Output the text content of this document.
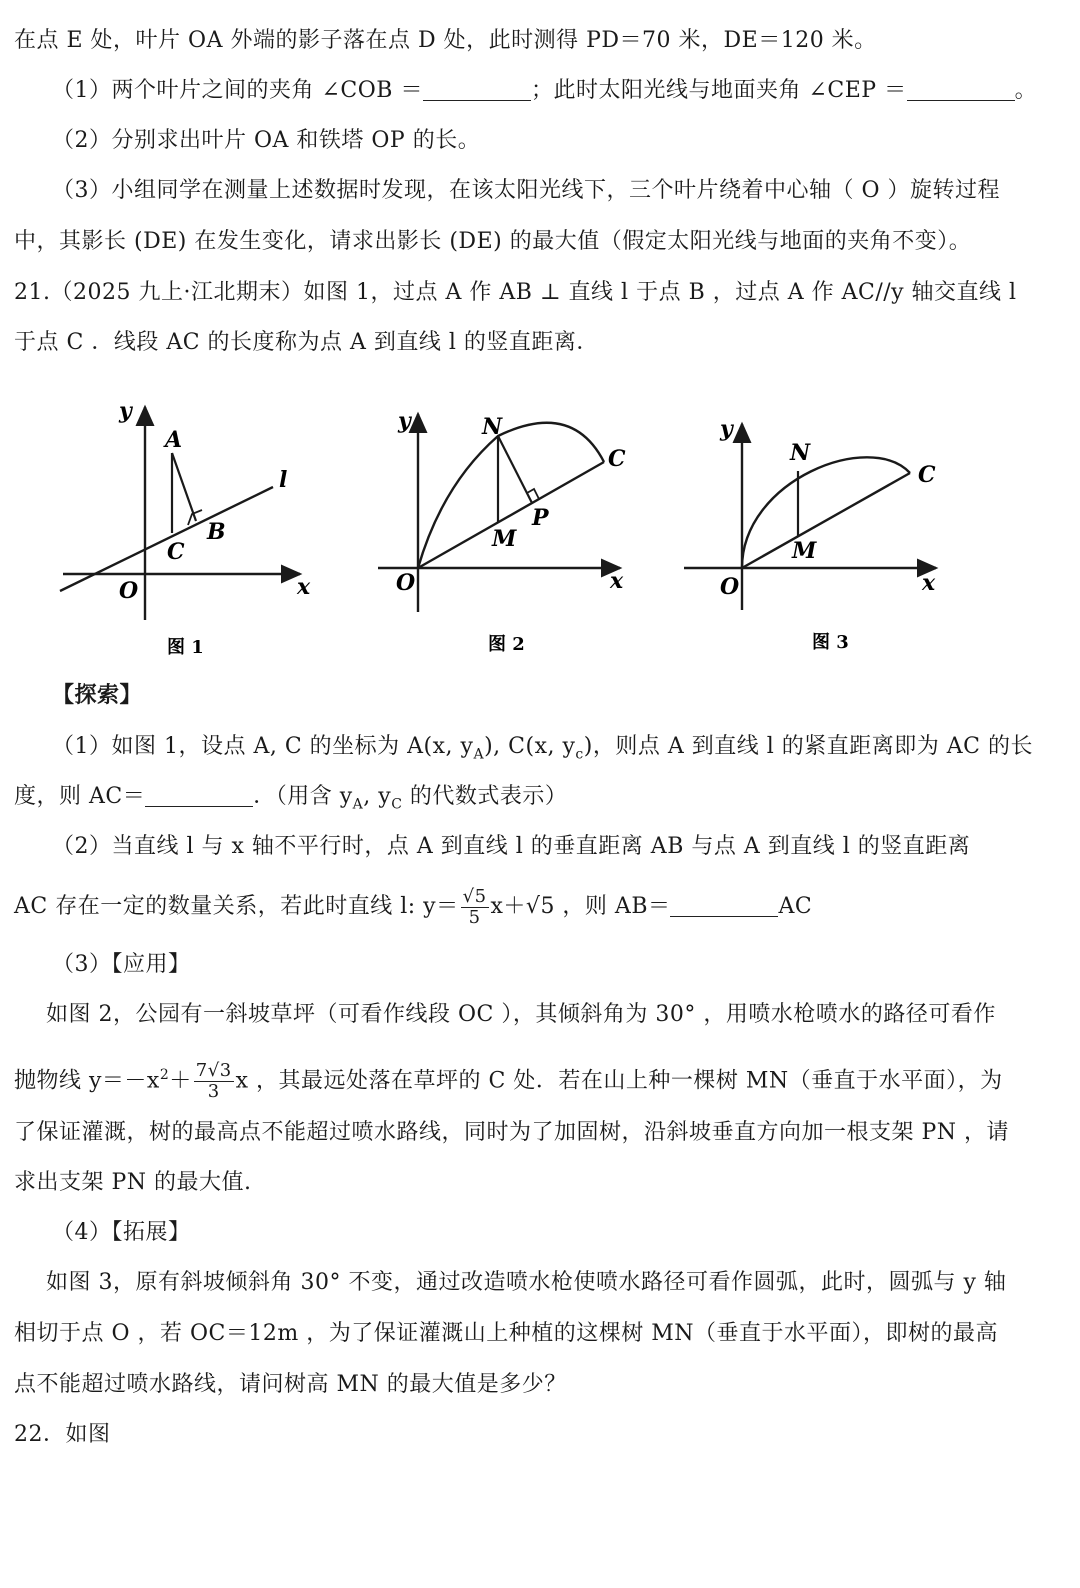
在点 E 处，叶片 OA 外端的影子落在点 D 处，此时测得 PD＝70 米，DE＝120 米。
（1）两个叶片之间的夹角 ∠COB ＝	；此时太阳光线与地面夹角 ∠CEP ＝	。
（2）分别求出叶片 OA 和铁塔 OP 的长。
（3）小组同学在测量上述数据时发现，在该太阳光线下，三个叶片绕着中心轴（ O ）旋转过程
中，其影长 (DE) 在发生变化，请求出影长 (DE) 的最大值（假定太阳光线与地面的夹角不变）。
21.（2025 九上·江北期末）如图 1，过点 A 作 AB ⊥ 直线 l 于点 B ，过点 A 作 AC//y 轴交直线 l
于点 C ．线段 AC 的长度称为点 A 到直线 l 的竖直距离．
y
A
l
B
C
O	x
图 1
y	N
C
P
M
O	x
图 2
y
N
C
M
O	x
图 3
【探索】
（1）如图 1，设点 A, C 的坐标为 A(x, $y_A$), C(x, $y_c$)，则点 A 到直线 l 的紧直距离即为 AC 的长
度，则 AC＝	．（用含 $y_A$, $y_C$ 的代数式表示）
（2）当直线 l 与 x 轴不平行时，点 A 到直线 l 的垂直距离 AB 与点 A 到直线 l 的竖直距离
AC 存在一定的数量关系，若此时直线 l: $y= \frac{√5}{5} x+√5$ ，则 AB＝	AC
（3）【应用】
如图 2，公园有一斜坡草坪（可看作线段 OC ），其倾斜角为 30° ，用喷水枪喷水的路径可看作
抛物线 $y=-x^2+ \frac{7√3}{3}$ x ，其最远处落在草坪的 C 处．若在山上种一棵树 MN（垂直于水平面），为
了保证灌溉，树的最高点不能超过喷水路线，同时为了加固树，沿斜坡垂直方向加一根支架 PN ，请
求出支架 PN 的最大值.
（4）【拓展】
如图 3，原有斜坡倾斜角 30° 不变，通过改造喷水枪使喷水路径可看作圆弧，此时，圆弧与 y 轴
相切于点 O ，若 OC＝12m ，为了保证灌溉山上种植的这棵树 MN（垂直于水平面），即树的最高
点不能超过喷水路线，请问树高 MN 的最大值是多少？
22．如图
